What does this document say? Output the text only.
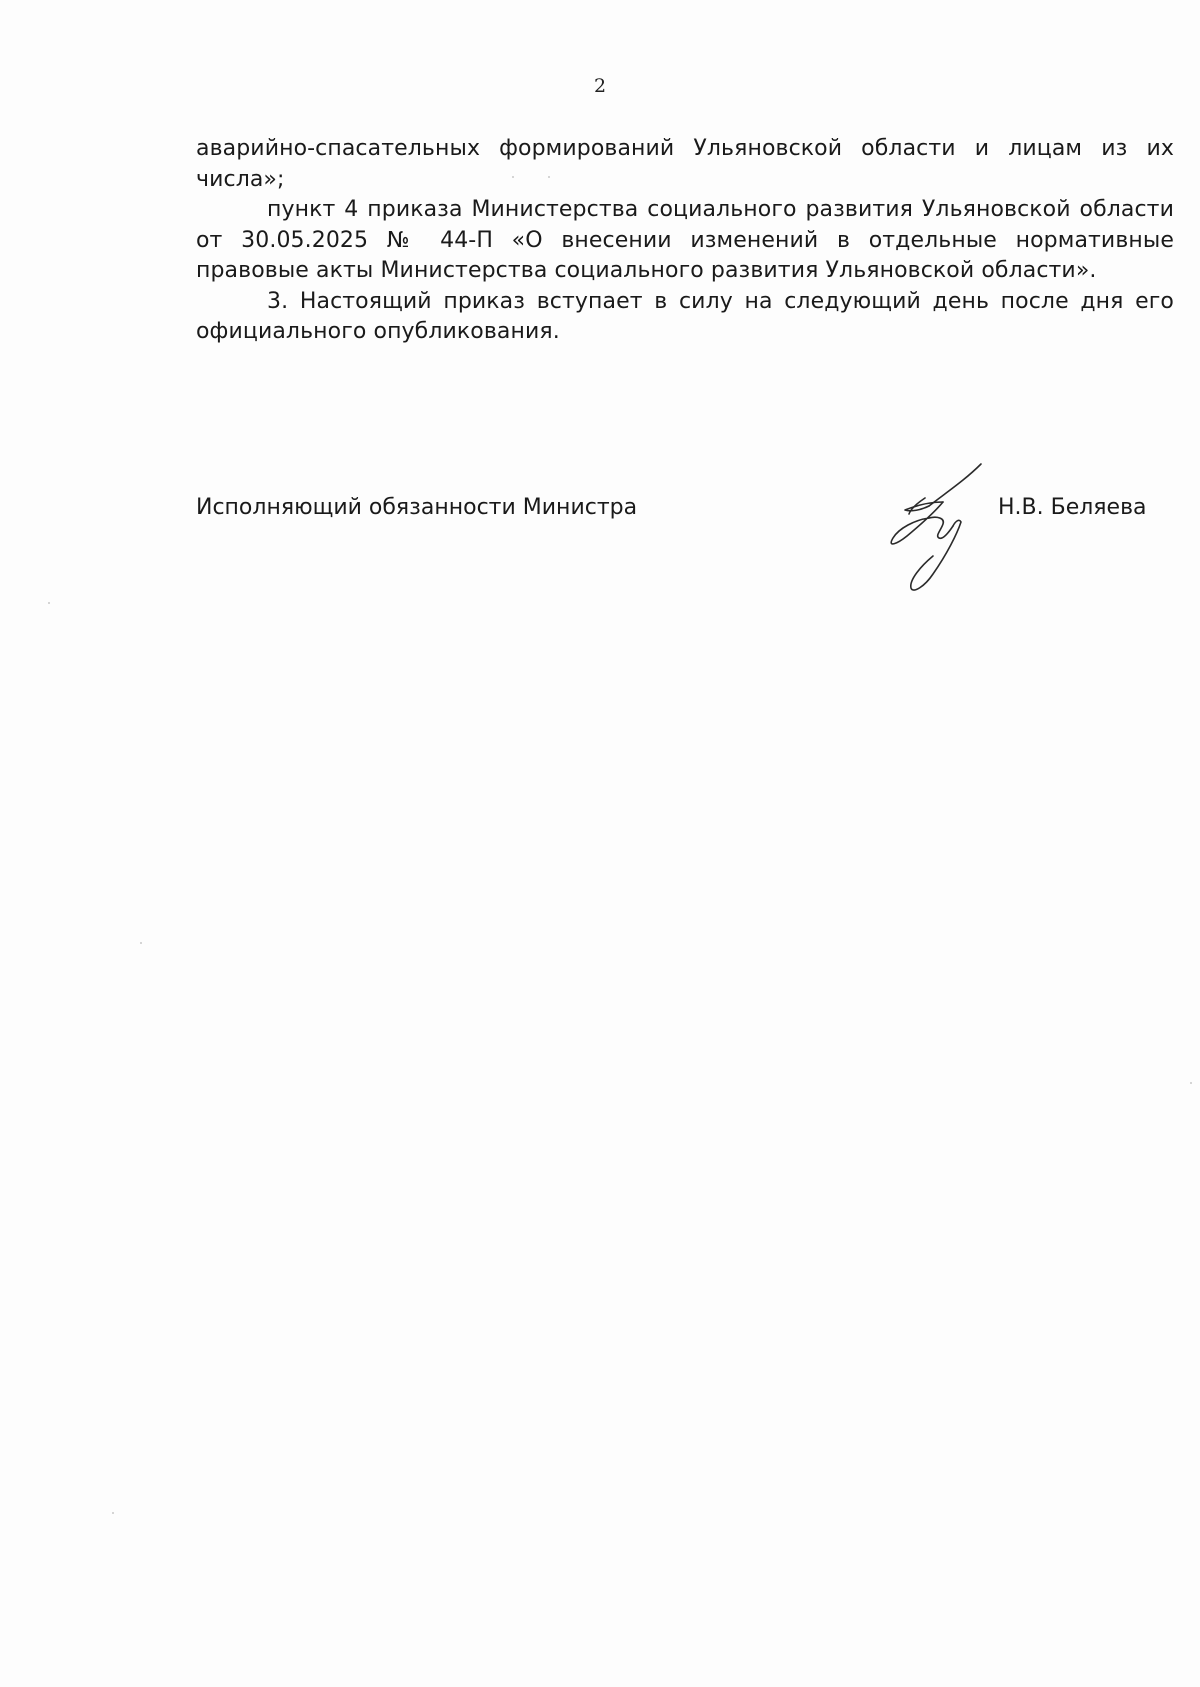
2

аварийно-спасательных формирований Ульяновской области и лицам из их числа»;

пункт 4 приказа Министерства социального развития Ульяновской области от 30.05.2025 № 44-П «О внесении изменений в отдельные нормативные правовые акты Министерства социального развития Ульяновской области».

3. Настоящий приказ вступает в силу на следующий день после дня его официального опубликования.

Исполняющий обязанности Министра	Н.В. Беляева
